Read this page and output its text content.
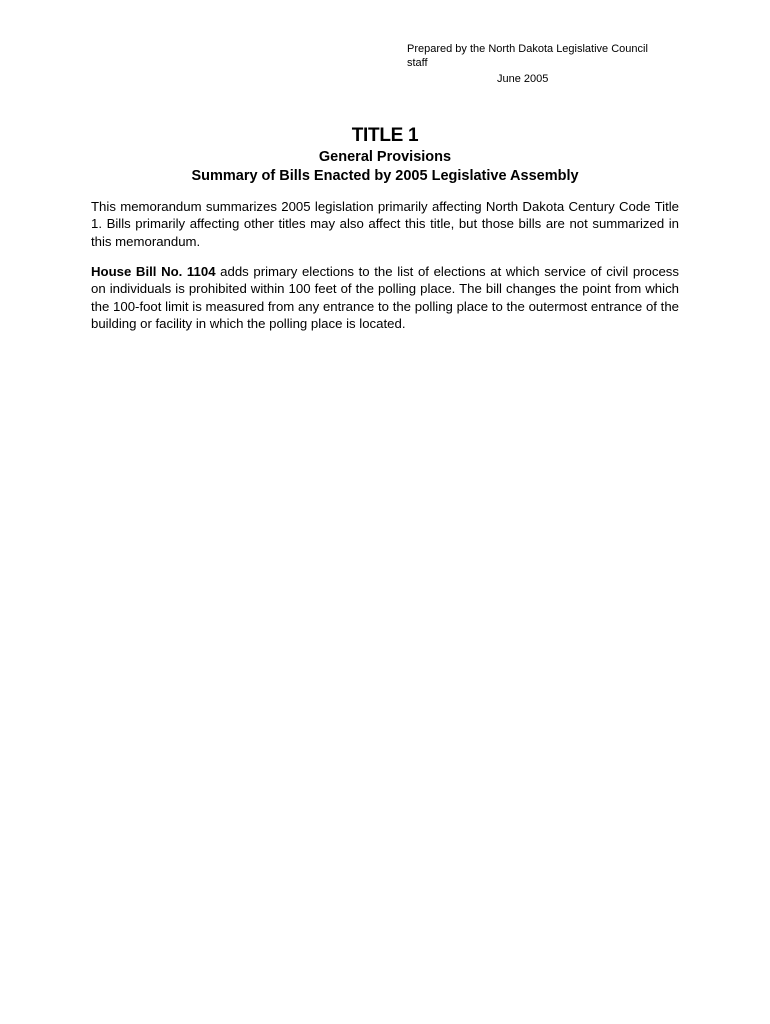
Prepared by the North Dakota Legislative Council
staff
June 2005
TITLE 1
General Provisions
Summary of Bills Enacted by 2005 Legislative Assembly

This memorandum summarizes 2005 legislation primarily affecting North Dakota Century Code Title 1. Bills primarily affecting other titles may also affect this title, but those bills are not summarized in this memorandum.

House Bill No. 1104 adds primary elections to the list of elections at which service of civil process on individuals is prohibited within 100 feet of the polling place. The bill changes the point from which the 100-foot limit is measured from any entrance to the polling place to the outermost entrance of the building or facility in which the polling place is located.
